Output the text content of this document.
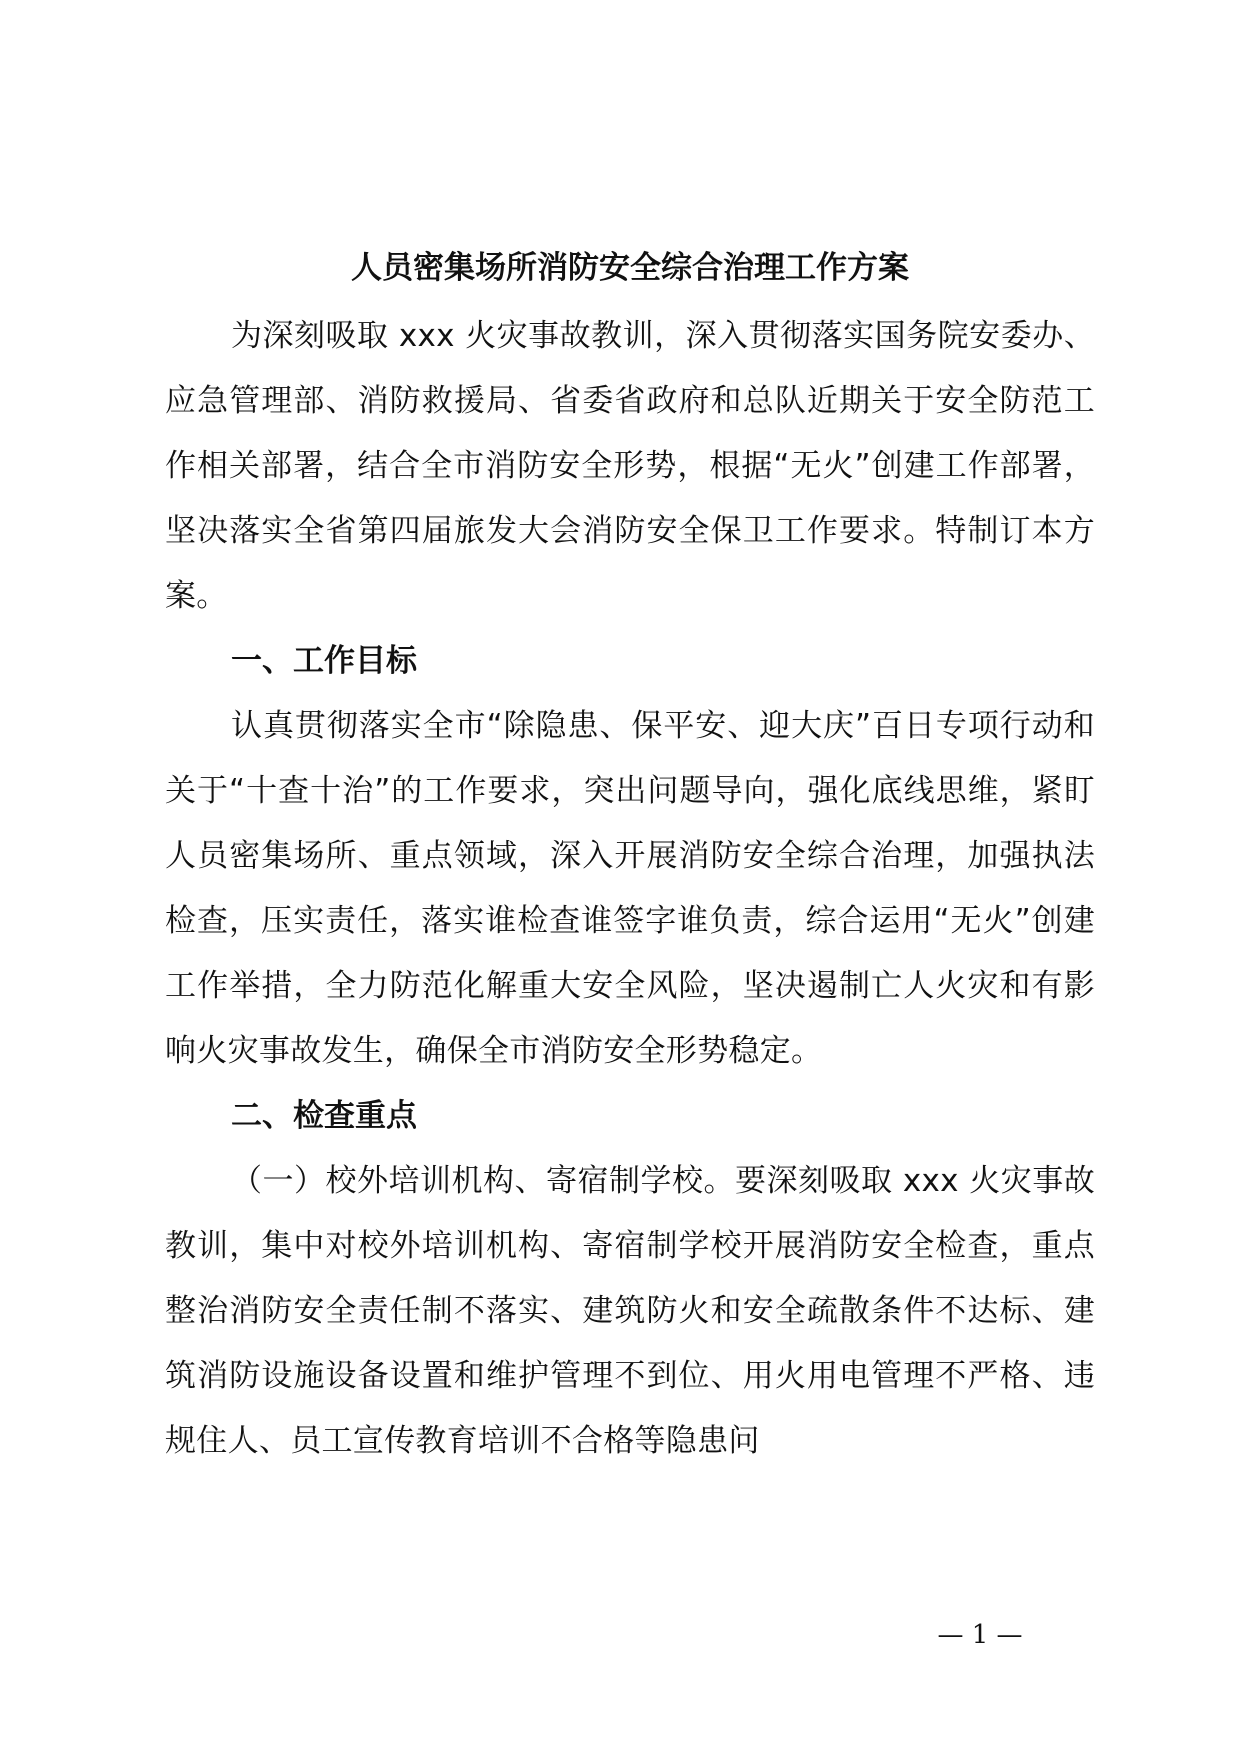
人员密集场所消防安全综合治理工作方案

为深刻吸取 xxx 火灾事故教训，深入贯彻落实国务院安委办、应急管理部、消防救援局、省委省政府和总队近期关于安全防范工作相关部署，结合全市消防安全形势，根据“无火”创建工作部署，坚决落实全省第四届旅发大会消防安全保卫工作要求。特制订本方案。

一、工作目标

认真贯彻落实全市“除隐患、保平安、迎大庆”百日专项行动和关于“十查十治”的工作要求，突出问题导向，强化底线思维，紧盯人员密集场所、重点领域，深入开展消防安全综合治理，加强执法检查，压实责任，落实谁检查谁签字谁负责，综合运用“无火”创建工作举措，全力防范化解重大安全风险，坚决遏制亡人火灾和有影响火灾事故发生，确保全市消防安全形势稳定。

二、检查重点

（一）校外培训机构、寄宿制学校。要深刻吸取 xxx 火灾事故教训，集中对校外培训机构、寄宿制学校开展消防安全检查，重点整治消防安全责任制不落实、建筑防火和安全疏散条件不达标、建筑消防设施设备设置和维护管理不到位、用火用电管理不严格、违规住人、员工宣传教育培训不合格等隐患问

— 1 —
